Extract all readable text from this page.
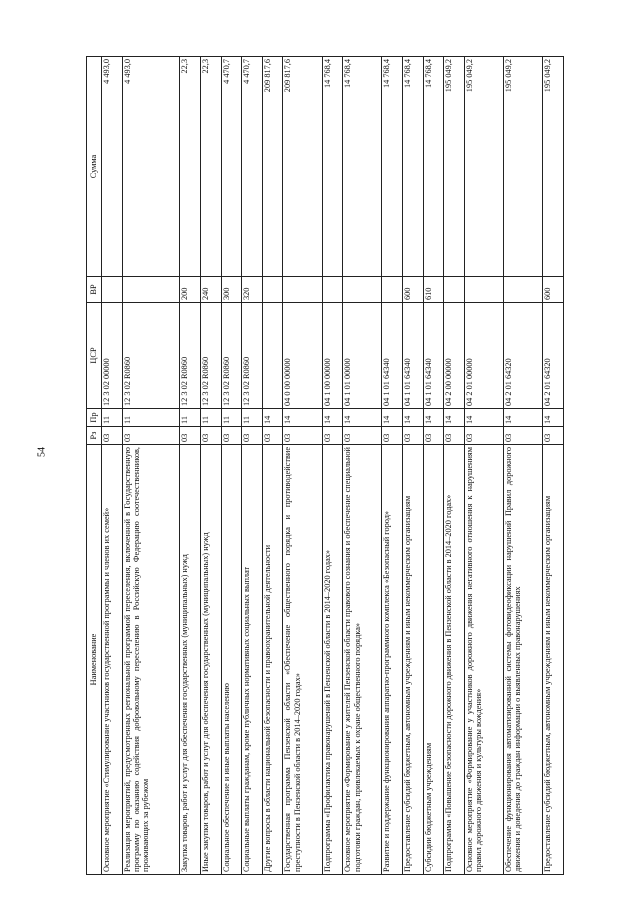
54
Наименование	Рз	Пр	ЦСР	ВР	Сумма
Основное мероприятие «Стимулирование участников государственной программы и членов их семей»	03	11	12 3 02 00000		4 493,0
Реализация мероприятий, предусмотренных региональной программой переселения, включенной в Государственную программу по оказанию содействия добровольному переселению в Российскую Федерацию соотечественников, проживающих за рубежом	03	11	12 3 02 R0860		4 493,0
Закупка товаров, работ и услуг для обеспечения государственных (муниципальных) нужд	03	11	12 3 02 R0860	200	22,3
Иные закупки товаров, работ и услуг для обеспечения государственных (муниципальных) нужд	03	11	12 3 02 R0860	240	22,3
Социальное обеспечение и иные выплаты населению	03	11	12 3 02 R0860	300	4 470,7
Социальные выплаты гражданам, кроме публичных нормативных социальных выплат	03	11	12 3 02 R0860	320	4 470,7
Другие вопросы в области национальной безопасности и правоохранительной деятельности	03	14			209 817,6
Государственная программа Пензенской области «Обеспечение общественного порядка и противодействие преступности в Пензенской области в 2014–2020 годах»	03	14	04 0 00 00000		209 817,6
Подпрограмма «Профилактика правонарушений в Пензенской области в 2014–2020 годах»	03	14	04 1 00 00000		14 768,4
Основное мероприятие «Формирование у жителей Пензенской области правового сознания и обеспечение специальной подготовки граждан, привлекаемых к охране общественного порядка»	03	14	04 1 01 00000		14 768,4
Развитие и поддержание функционирования аппаратно-программного комплекса «Безопасный город»	03	14	04 1 01 64340		14 768,4
Предоставление субсидий бюджетным, автономным учреждениям и иным некоммерческим организациям	03	14	04 1 01 64340	600	14 768,4
Субсидии бюджетным учреждениям	03	14	04 1 01 64340	610	14 768,4
Подпрограмма «Повышение безопасности дорожного движения в Пензенской области в 2014–2020 годах»	03	14	04 2 00 00000		195 049,2
Основное мероприятие «Формирование у участников дорожного движения негативного отношения к нарушениям правил дорожного движения и культуры вождения»	03	14	04 2 01 00000		195 049,2
Обеспечение функционирования автоматизированной системы фотовидеофиксации нарушений Правил дорожного движения и доведения до граждан информации о выявленных правонарушениях	03	14	04 2 01 64320		195 049,2
Предоставление субсидий бюджетным, автономным учреждениям и иным некоммерческим организациям	03	14	04 2 01 64320	600	195 049,2
